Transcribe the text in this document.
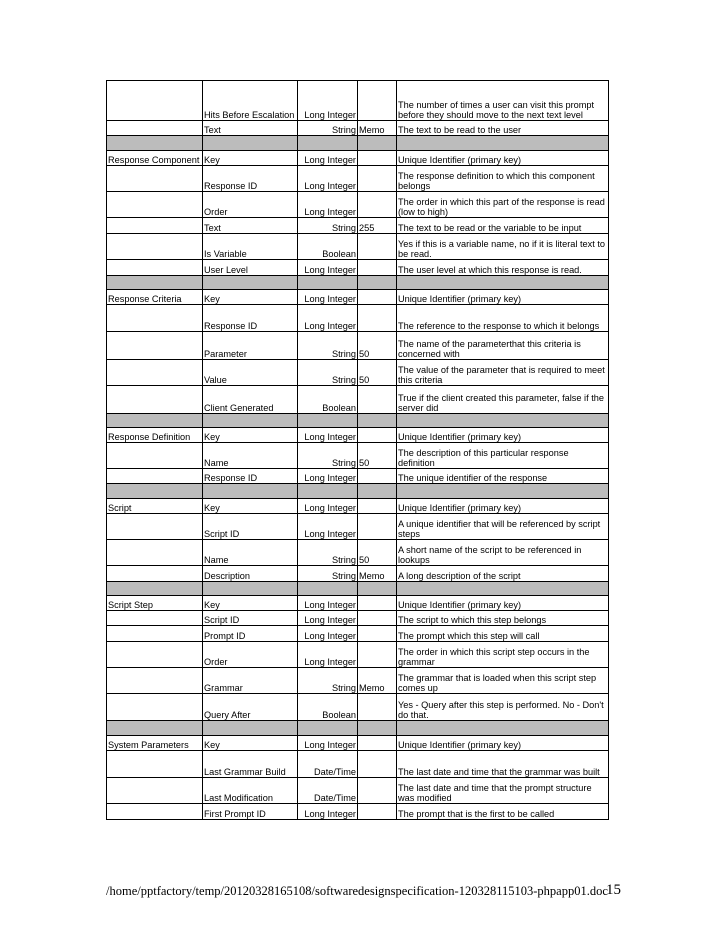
	Hits Before Escalation	Long Integer		The number of times a user can visit this prompt before they should move to the next text level
	Text	String	Memo	The text to be read to the user

Response Component	Key	Long Integer		Unique Identifier (primary key)
	Response ID	Long Integer		The response definition to which this component belongs
	Order	Long Integer		The order in which this part of the response is read (low to high)
	Text	String	255	The text to be read or the variable to be input
	Is Variable	Boolean		Yes if this is a variable name, no if it is literal text to be read.
	User Level	Long Integer		The user level at which this response is read.

Response Criteria	Key	Long Integer		Unique Identifier (primary key)
	Response ID	Long Integer		The reference to the response to which it belongs
	Parameter	String	50	The name of the parameterthat this criteria is concerned with
	Value	String	50	The value of the parameter that is required to meet this criteria
	Client Generated	Boolean		True if the client created this parameter, false if the server did

Response Definition	Key	Long Integer		Unique Identifier (primary key)
	Name	String	50	The description of this particular response definition
	Response ID	Long Integer		The unique identifier of the response

Script	Key	Long Integer		Unique Identifier (primary key)
	Script ID	Long Integer		A unique identifier that will be referenced by script steps
	Name	String	50	A short name of the script to be referenced in lookups
	Description	String	Memo	A long description of the script

Script Step	Key	Long Integer		Unique Identifier (primary key)
	Script ID	Long Integer		The script to which this step belongs
	Prompt ID	Long Integer		The prompt which this step will call
	Order	Long Integer		The order in which this script step occurs in the grammar
	Grammar	String	Memo	The grammar that is loaded when this script step comes up
	Query After	Boolean		Yes - Query after this step is performed. No - Don't do that.

System Parameters	Key	Long Integer		Unique Identifier (primary key)
	Last Grammar Build	Date/Time		The last date and time that the grammar was built
	Last Modification	Date/Time		The last date and time that the prompt structure was modified
	First Prompt ID	Long Integer		The prompt that is the first to be called
/home/pptfactory/temp/20120328165108/softwaredesignspecification-120328115103-phpapp01.doc
15
